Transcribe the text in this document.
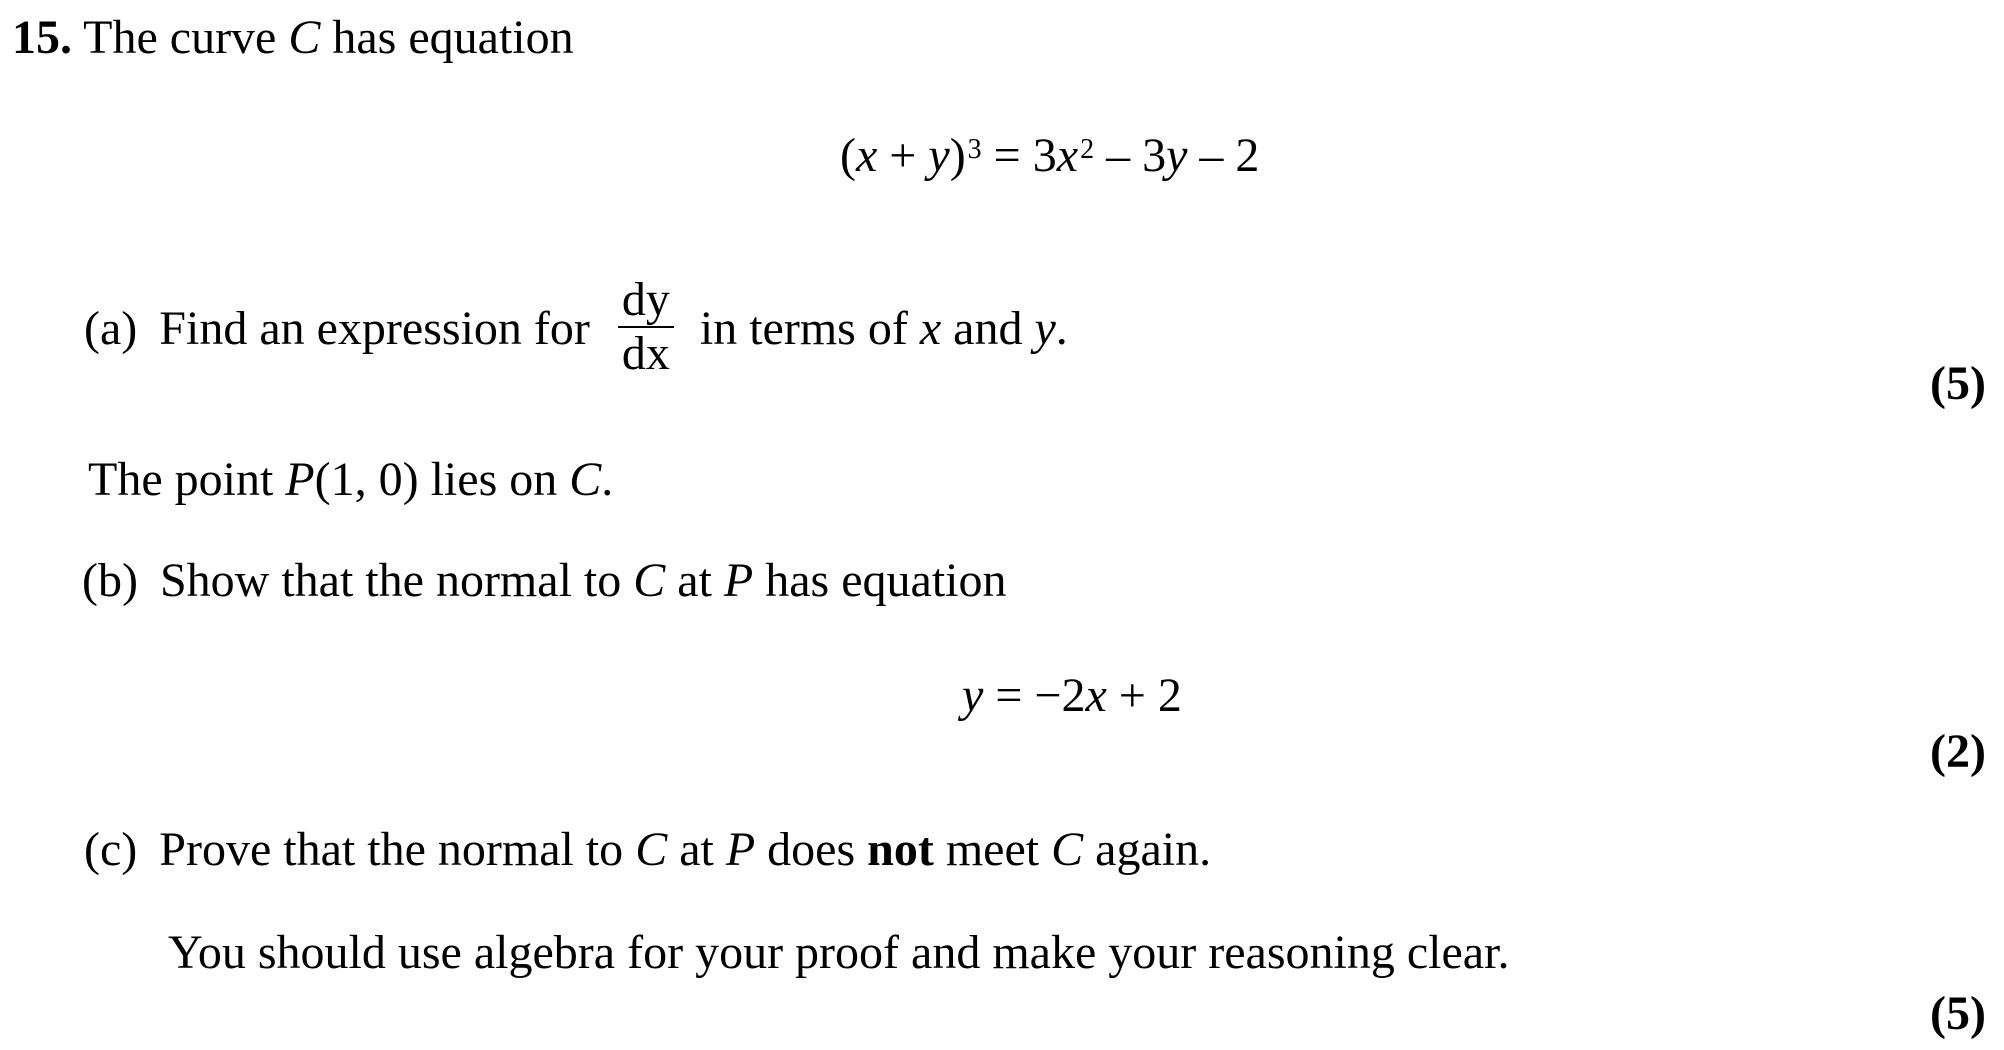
15. The curve C has equation
$(x + y)^3 = 3x^2 - 3y - 2$
(a) Find an expression for $\frac{dy}{dx}$ in terms of x and y.
(5)
The point P(1, 0) lies on C.
(b) Show that the normal to C at P has equation
y = −2x + 2
(2)
(c) Prove that the normal to C at P does not meet C again.
You should use algebra for your proof and make your reasoning clear.
(5)
